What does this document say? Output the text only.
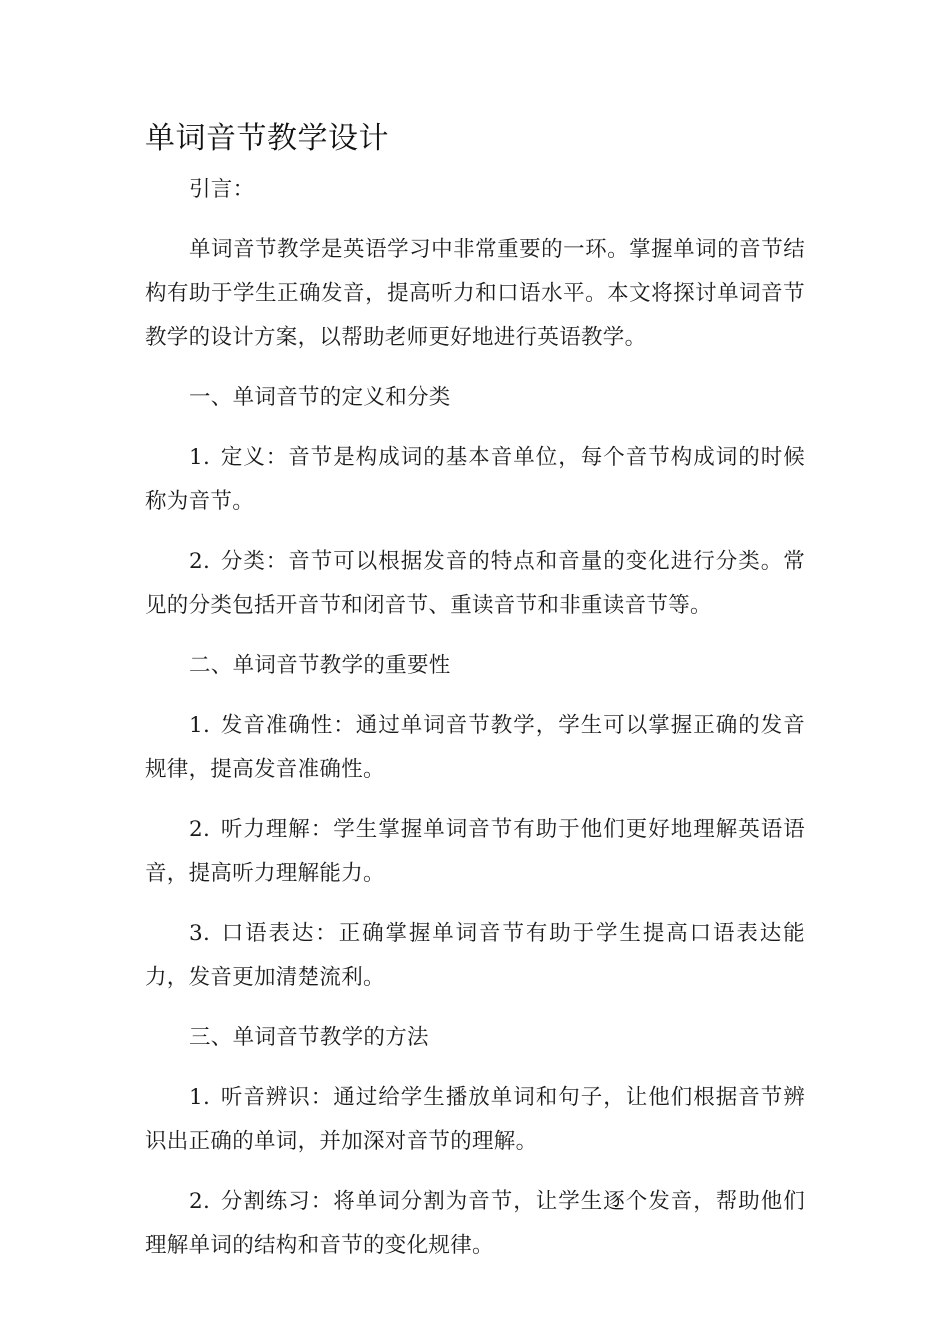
单词音节教学设计

引言：

单词音节教学是英语学习中非常重要的一环。掌握单词的音节结构有助于学生正确发音，提高听力和口语水平。本文将探讨单词音节教学的设计方案，以帮助老师更好地进行英语教学。

一、单词音节的定义和分类

1. 定义：音节是构成词的基本音单位，每个音节构成词的时候称为音节。

2. 分类：音节可以根据发音的特点和音量的变化进行分类。常见的分类包括开音节和闭音节、重读音节和非重读音节等。

二、单词音节教学的重要性

1. 发音准确性：通过单词音节教学，学生可以掌握正确的发音规律，提高发音准确性。

2. 听力理解：学生掌握单词音节有助于他们更好地理解英语语音，提高听力理解能力。

3. 口语表达：正确掌握单词音节有助于学生提高口语表达能力，发音更加清楚流利。

三、单词音节教学的方法

1. 听音辨识：通过给学生播放单词和句子，让他们根据音节辨识出正确的单词，并加深对音节的理解。

2. 分割练习：将单词分割为音节，让学生逐个发音，帮助他们理解单词的结构和音节的变化规律。
